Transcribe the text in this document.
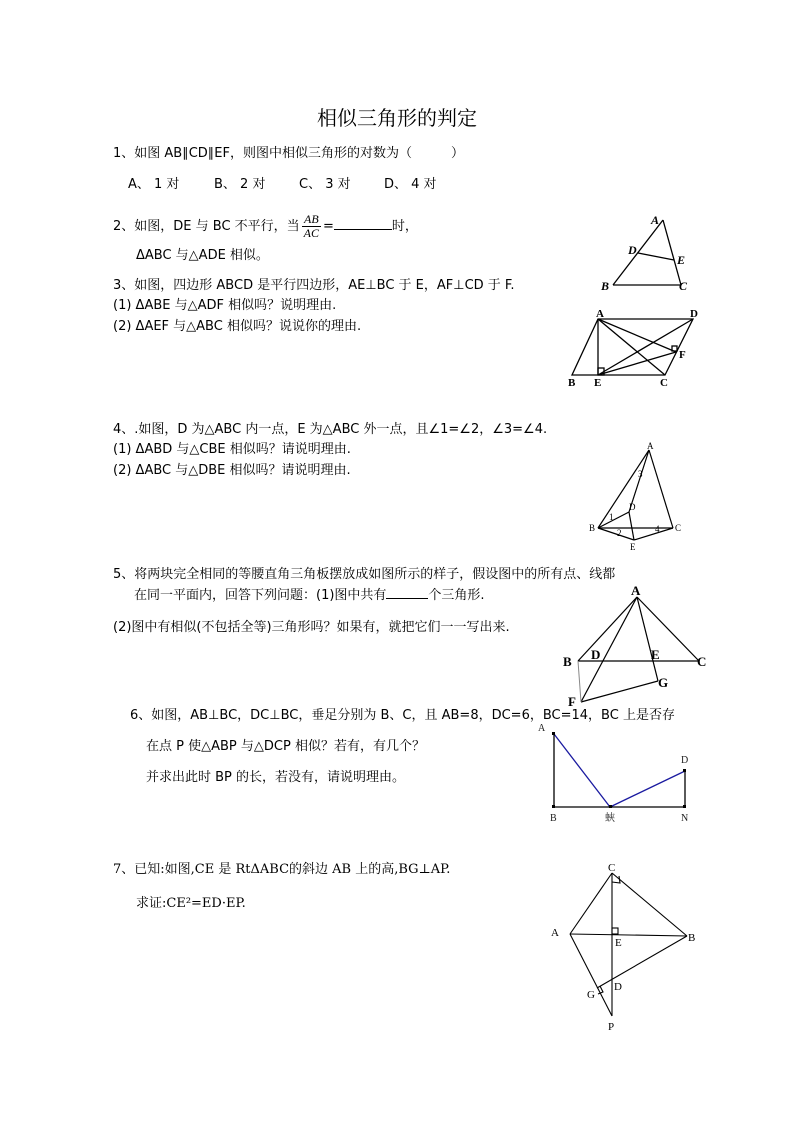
相似三角形的判定
1、如图 AB∥CD∥EF，则图中相似三角形的对数为（　　　）
A、 1 对	B、 2 对	C、 3 对	D、 4 对
2、如图，DE 与 BC 不平行，当 $\frac{AB}{AC}$ =	时，
ΔABC 与△ADE 相似。
A
D
E
B	C
3、如图，四边形 ABCD 是平行四边形，AE⊥BC 于 E，AF⊥CD 于 F.
(1) ΔABE 与△ADF 相似吗？说明理由.
(2) ΔAEF 与△ABC 相似吗？说说你的理由.
A	D
F
B E	C
4、.如图，D 为△ABC 内一点，E 为△ABC 外一点，且∠1=∠2，∠3=∠4.
(1) ΔABD 与△CBE 相似吗？请说明理由.
(2) ΔABC 与△DBE 相似吗？请说明理由.
A
3
D
1
B 2	4 C
E
5、将两块完全相同的等腰直角三角板摆放成如图所示的样子，假设图中的所有点、线都
在同一平面内，回答下列问题：(1)图中共有	个三角形.
(2)图中有相似(不包括全等)三角形吗？如果有，就把它们一一写出来.
A
B D	E	C
G
F
6、如图，AB⊥BC，DC⊥BC，垂足分别为 B、C，且 AB=8，DC=6，BC=14，BC 上是否存
在点 P 使△ABP 与△DCP 相似？若有，有几个？
并求出此时 BP 的长，若没有，请说明理由。
A
D
B	蛺	N
7、已知:如图,CE 是 RtΔABC的斜边 AB 上的高,BG⊥AP.
求证:CE²=ED·EP.
C
A
E	B
G
D
P
